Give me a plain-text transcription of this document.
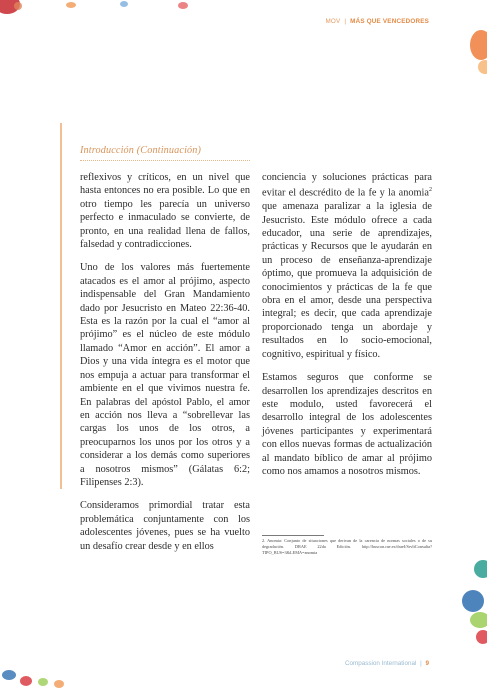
MOV | MÁS QUE VENCEDORES
Introducción (Continuación)

reflexivos y críticos, en un nivel que hasta entonces no era posible. Lo que en otro tiempo les parecía un universo perfecto e inmaculado se convierte, de pronto, en una realidad llena de fallos, falsedad y contradicciones.

Uno de los valores más fuertemente atacados es el amor al prójimo, aspecto indispensable del Gran Mandamiento dado por Jesucristo en Mateo 22:36-40. Esta es la razón por la cual el “amor al prójimo” es el núcleo de este módulo llamado “Amor en acción”. El amor a Dios y una vida íntegra es el motor que nos empuja a actuar para transformar el ambiente en el que vivimos nuestra fe. En palabras del apóstol Pablo, el amor en acción nos lleva a “sobrellevar las cargas los unos de los otros, a preocuparnos los unos por los otros y a considerar a los demás como superiores a nosotros mismos” (Gálatas 6:2; Filipenses 2:3).

Consideramos primordial tratar esta problemática conjuntamente con los adolescentes jóvenes, pues se ha vuelto un desafío crear desde y en ellos

conciencia y soluciones prácticas para evitar el descrédito de la fe y la anomia$^2$ que amenaza paralizar a la iglesia de Jesucristo. Este módulo ofrece a cada educador, una serie de aprendizajes, prácticas y Recursos que le ayudarán en un proceso de enseñanza-aprendizaje óptimo, que promueva la adquisición de conocimientos y prácticas de la fe que obra en el amor, desde una perspectiva integral; es decir, que cada aprendizaje proporcionado tenga un abordaje y resultados en lo socio-emocional, cognitivo, espiritual y físico.

Estamos seguros que conforme se desarrollen los aprendizajes descritos en este modulo, usted favorecerá el desarrollo integral de los adolescentes jóvenes participantes y experimentará con ellos nuevas formas de actualización al mandato bíblico de amar al prójimo como nos amamos a nosotros mismos.

2. Anomia: Conjunto de situaciones que derivan de la carencia de normas sociales o de su degradación. DRAE 22da Edición. http://buscon.rae.es/draeI/SrvltConsulta?TIPO_BUS=3&LEMA=anomia
Compassion International | 9
